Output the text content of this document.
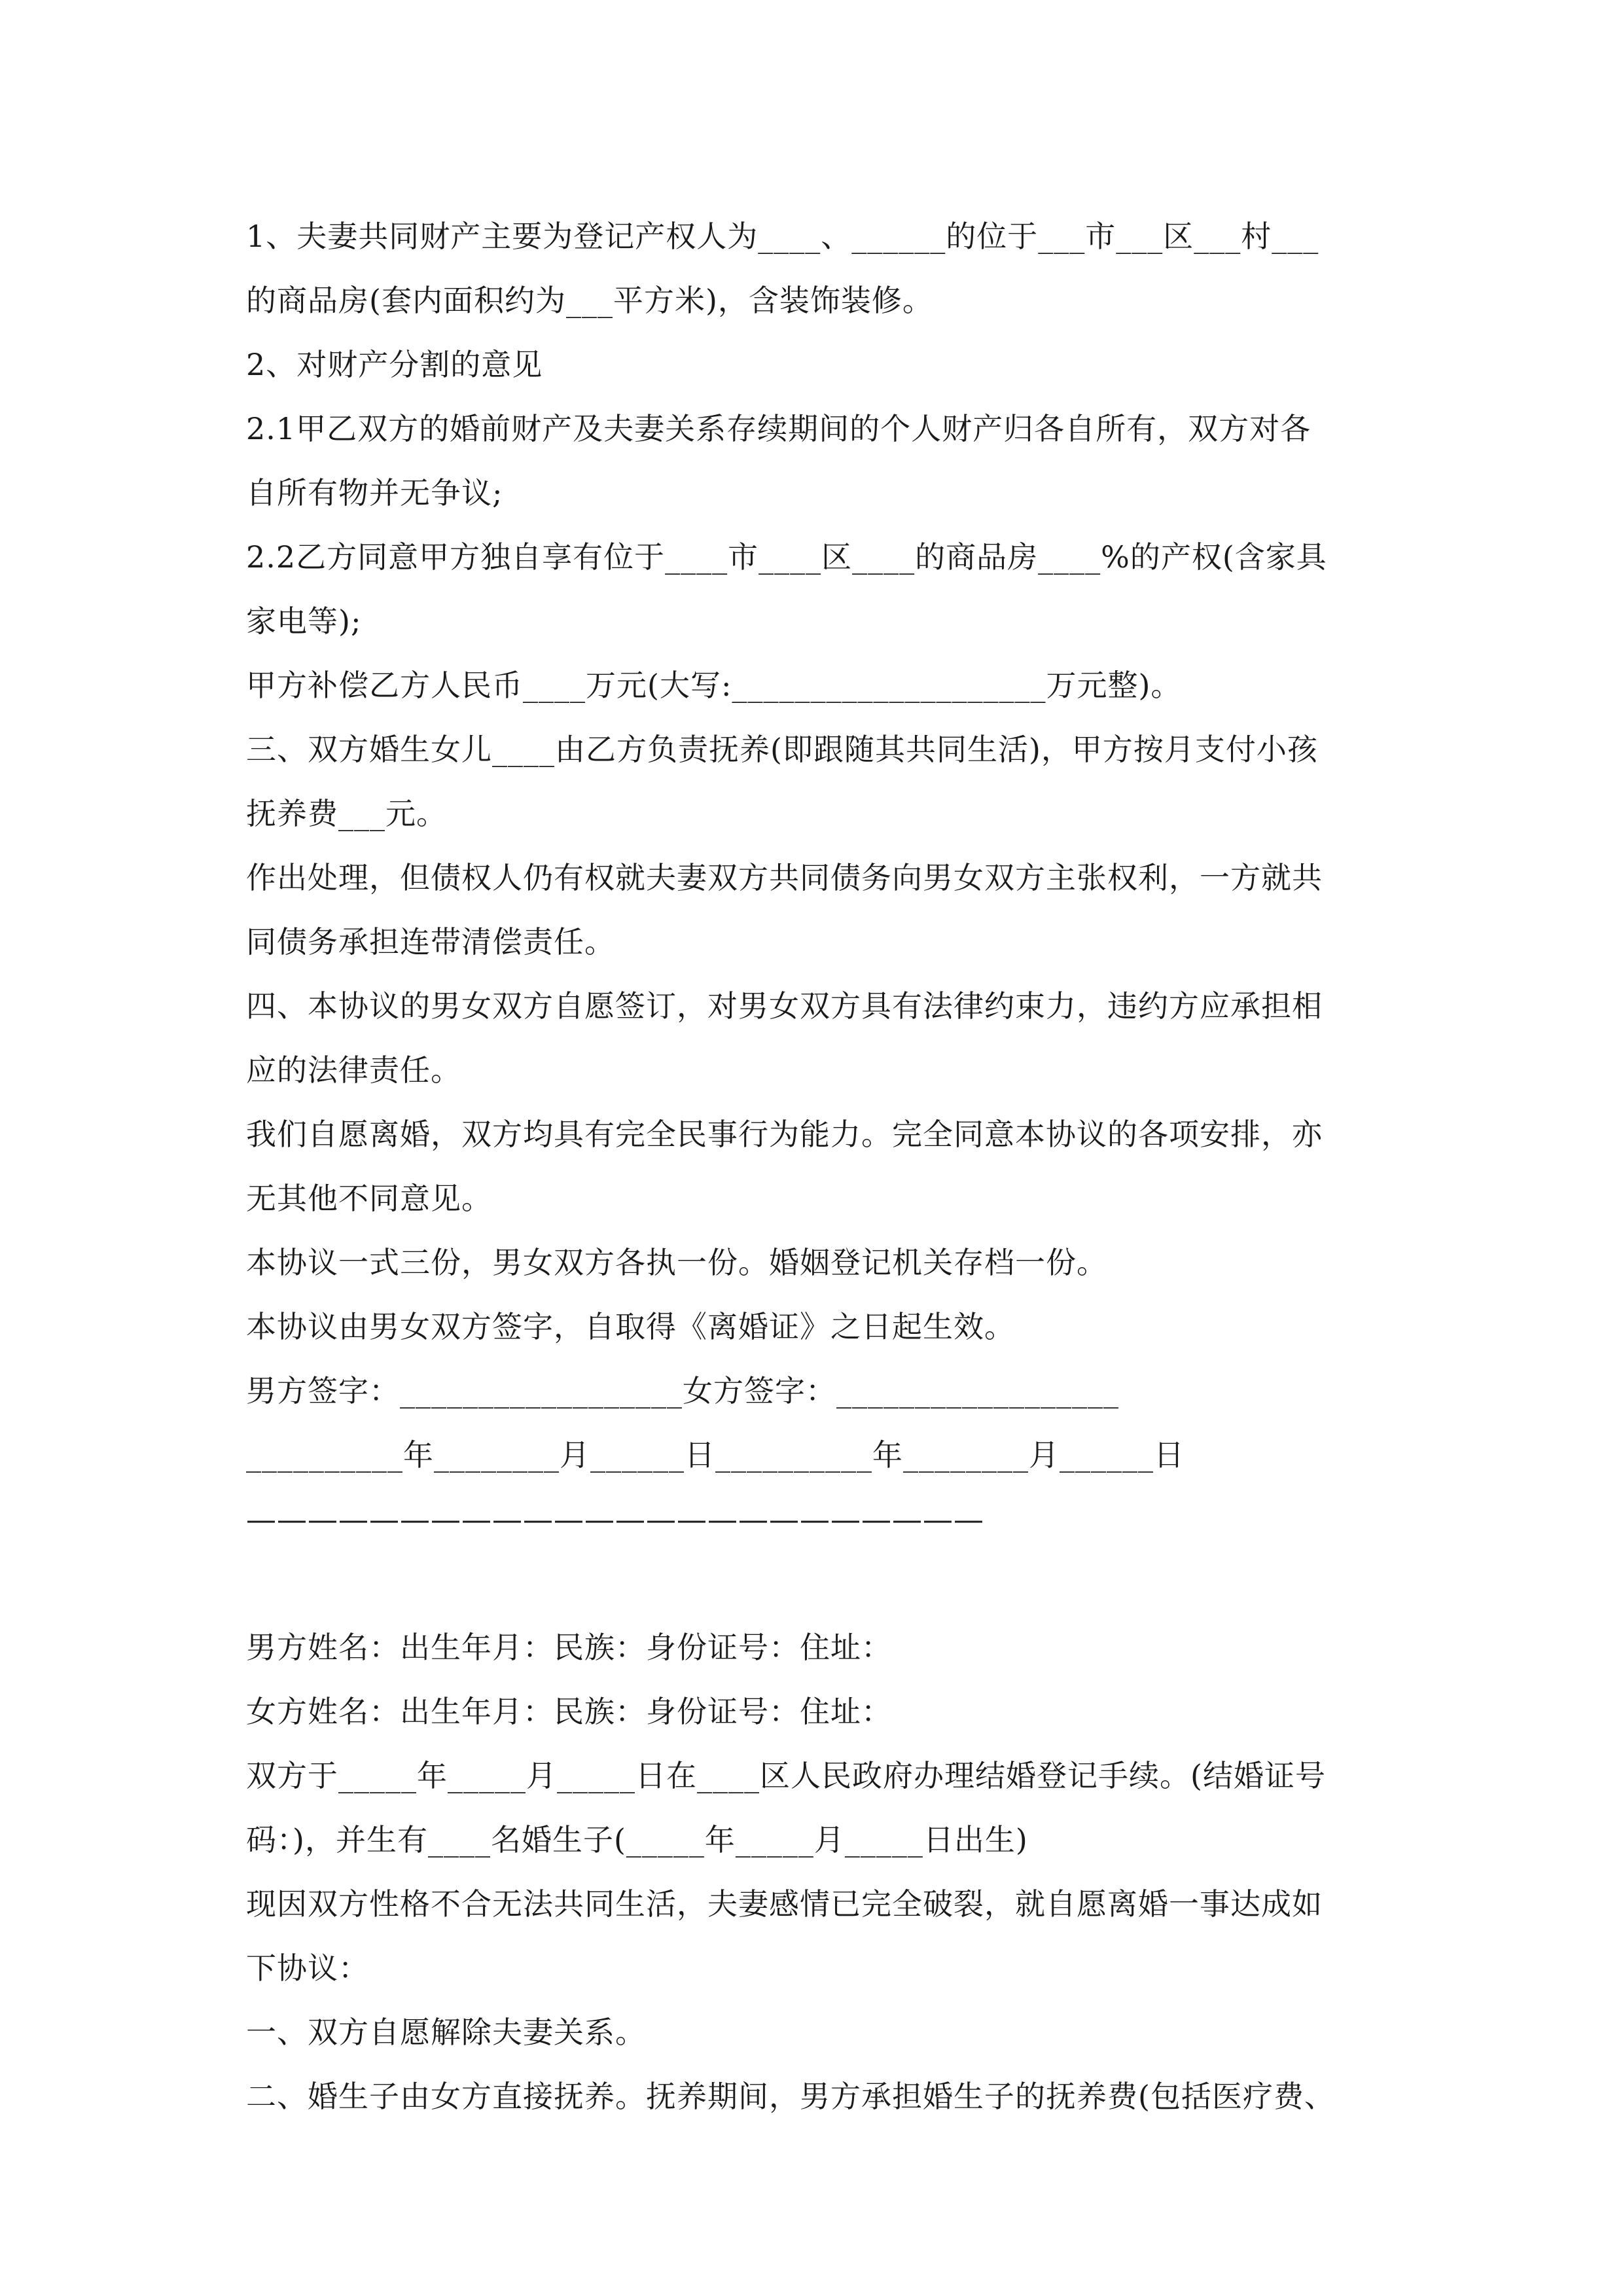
1、夫妻共同财产主要为登记产权人为____、______的位于___市___区___村___

的商品房(套内面积约为___平方米)，含装饰装修。

2、对财产分割的意见

2.1甲乙双方的婚前财产及夫妻关系存续期间的个人财产归各自所有，双方对各

自所有物并无争议;

2.2乙方同意甲方独自享有位于____市____区____的商品房____%的产权(含家具

家电等);

甲方补偿乙方人民币____万元(大写:____________________万元整)。

三、双方婚生女儿____由乙方负责抚养(即跟随其共同生活)，甲方按月支付小孩

抚养费___元。

作出处理，但债权人仍有权就夫妻双方共同债务向男女双方主张权利，一方就共

同债务承担连带清偿责任。

四、本协议的男女双方自愿签订，对男女双方具有法律约束力，违约方应承担相

应的法律责任。

我们自愿离婚，双方均具有完全民事行为能力。完全同意本协议的各项安排，亦

无其他不同意见。

本协议一式三份，男女双方各执一份。婚姻登记机关存档一份。

本协议由男女双方签字，自取得《离婚证》之日起生效。

男方签字：__________________女方签字：__________________

__________年________月______日__________年________月______日

————————————————————————

男方姓名：出生年月：民族：身份证号：住址：

女方姓名：出生年月：民族：身份证号：住址：

双方于_____年_____月_____日在____区人民政府办理结婚登记手续。(结婚证号

码：)，并生有____名婚生子(_____年_____月_____日出生)

现因双方性格不合无法共同生活，夫妻感情已完全破裂，就自愿离婚一事达成如

下协议：

一、双方自愿解除夫妻关系。

二、婚生子由女方直接抚养。抚养期间，男方承担婚生子的抚养费(包括医疗费、
